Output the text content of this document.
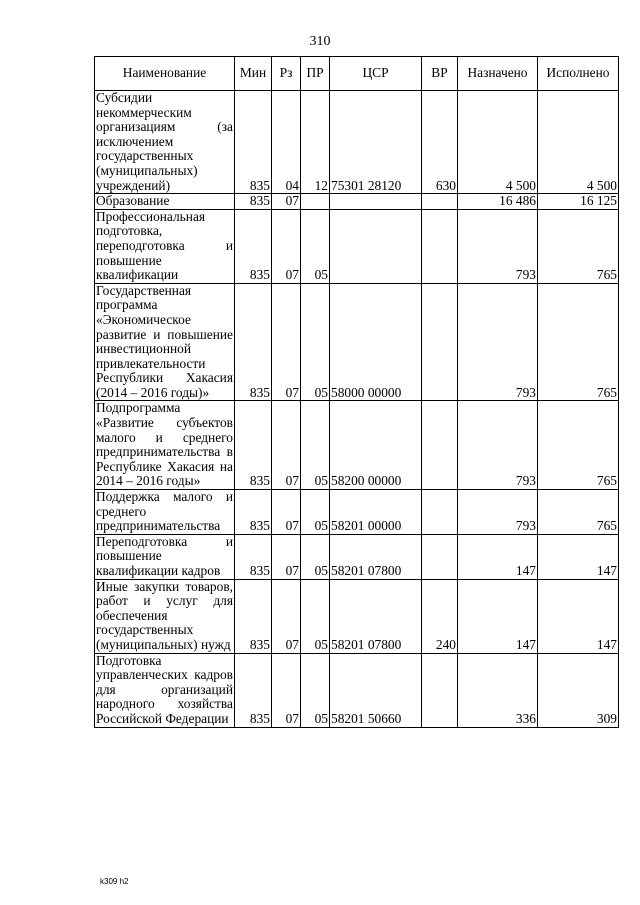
310
Наименование	Мин	Рз	ПР	ЦСР	ВР	Назначено	Исполнено
Субсидии некоммерческим организациям (за исключением государственных (муниципальных) учреждений)	835	04	12	75301 28120	630	4 500	4 500
Образование	835	07				16 486	16 125
Профессиональная подготовка, переподготовка и повышение квалификации	835	07	05			793	765
Государственная программа «Экономическое развитие и повышение инвестиционной привлекательности Республики Хакасия (2014 – 2016 годы)»	835	07	05	58000 00000		793	765
Подпрограмма «Развитие субъектов малого и среднего предпринимательства в Республике Хакасия на 2014 – 2016 годы»	835	07	05	58200 00000		793	765
Поддержка малого и среднего предпринимательства	835	07	05	58201 00000		793	765
Переподготовка и повышение квалификации кадров	835	07	05	58201 07800		147	147
Иные закупки товаров, работ и услуг для обеспечения государственных (муниципальных) нужд	835	07	05	58201 07800	240	147	147
Подготовка управленческих кадров для организаций народного хозяйства Российской Федерации	835	07	05	58201 50660		336	309
k309 h2
